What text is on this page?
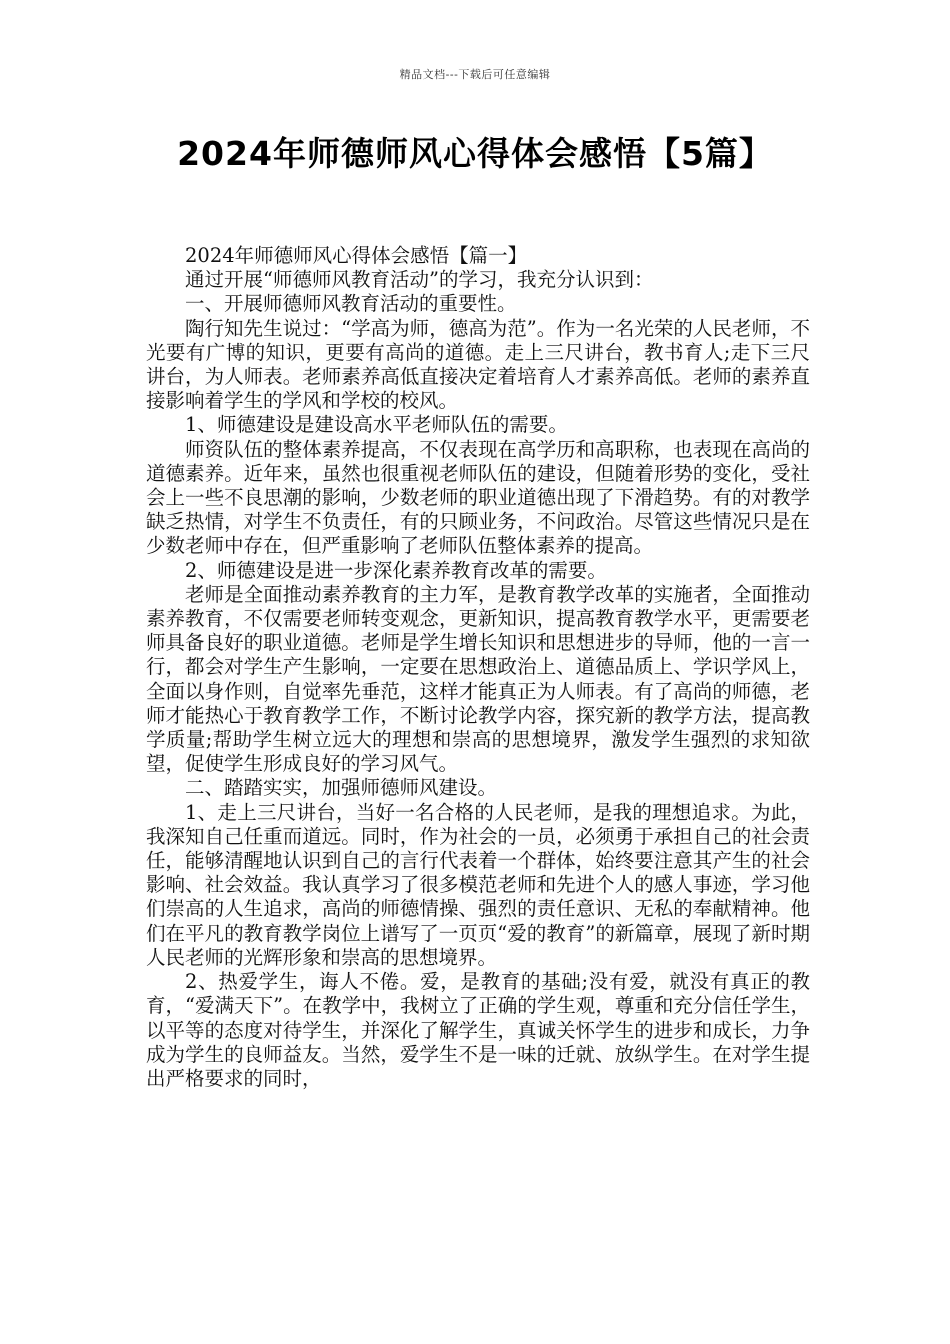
精品文档---下载后可任意编辑
2024年师德师风心得体会感悟【5篇】

2024年师德师风心得体会感悟【篇一】

通过开展“师德师风教育活动”的学习，我充分认识到：

一、开展师德师风教育活动的重要性。

陶行知先生说过：“学高为师，德高为范”。作为一名光荣的人民老师，不光要有广博的知识，更要有高尚的道德。走上三尺讲台，教书育人;走下三尺讲台，为人师表。老师素养高低直接决定着培育人才素养高低。老师的素养直接影响着学生的学风和学校的校风。

1、师德建设是建设高水平老师队伍的需要。

师资队伍的整体素养提高，不仅表现在高学历和高职称，也表现在高尚的道德素养。近年来，虽然也很重视老师队伍的建设，但随着形势的变化，受社会上一些不良思潮的影响，少数老师的职业道德出现了下滑趋势。有的对教学缺乏热情，对学生不负责任，有的只顾业务，不问政治。尽管这些情况只是在少数老师中存在，但严重影响了老师队伍整体素养的提高。

2、师德建设是进一步深化素养教育改革的需要。

老师是全面推动素养教育的主力军，是教育教学改革的实施者，全面推动素养教育，不仅需要老师转变观念，更新知识，提高教育教学水平，更需要老师具备良好的职业道德。老师是学生增长知识和思想进步的导师，他的一言一行，都会对学生产生影响，一定要在思想政治上、道德品质上、学识学风上，全面以身作则，自觉率先垂范，这样才能真正为人师表。有了高尚的师德，老师才能热心于教育教学工作，不断讨论教学内容，探究新的教学方法，提高教学质量;帮助学生树立远大的理想和崇高的思想境界，激发学生强烈的求知欲望，促使学生形成良好的学习风气。

二、踏踏实实，加强师德师风建设。

1、走上三尺讲台，当好一名合格的人民老师，是我的理想追求。为此，我深知自己任重而道远。同时，作为社会的一员，必须勇于承担自己的社会责任，能够清醒地认识到自己的言行代表着一个群体，始终要注意其产生的社会影响、社会效益。我认真学习了很多模范老师和先进个人的感人事迹，学习他们崇高的人生追求，高尚的师德情操、强烈的责任意识、无私的奉献精神。他们在平凡的教育教学岗位上谱写了一页页“爱的教育”的新篇章，展现了新时期人民老师的光辉形象和崇高的思想境界。

2、热爱学生，诲人不倦。爱，是教育的基础;没有爱，就没有真正的教育，“爱满天下”。在教学中，我树立了正确的学生观，尊重和充分信任学生，以平等的态度对待学生，并深化了解学生，真诚关怀学生的进步和成长，力争成为学生的良师益友。当然，爱学生不是一味的迁就、放纵学生。在对学生提出严格要求的同时，
